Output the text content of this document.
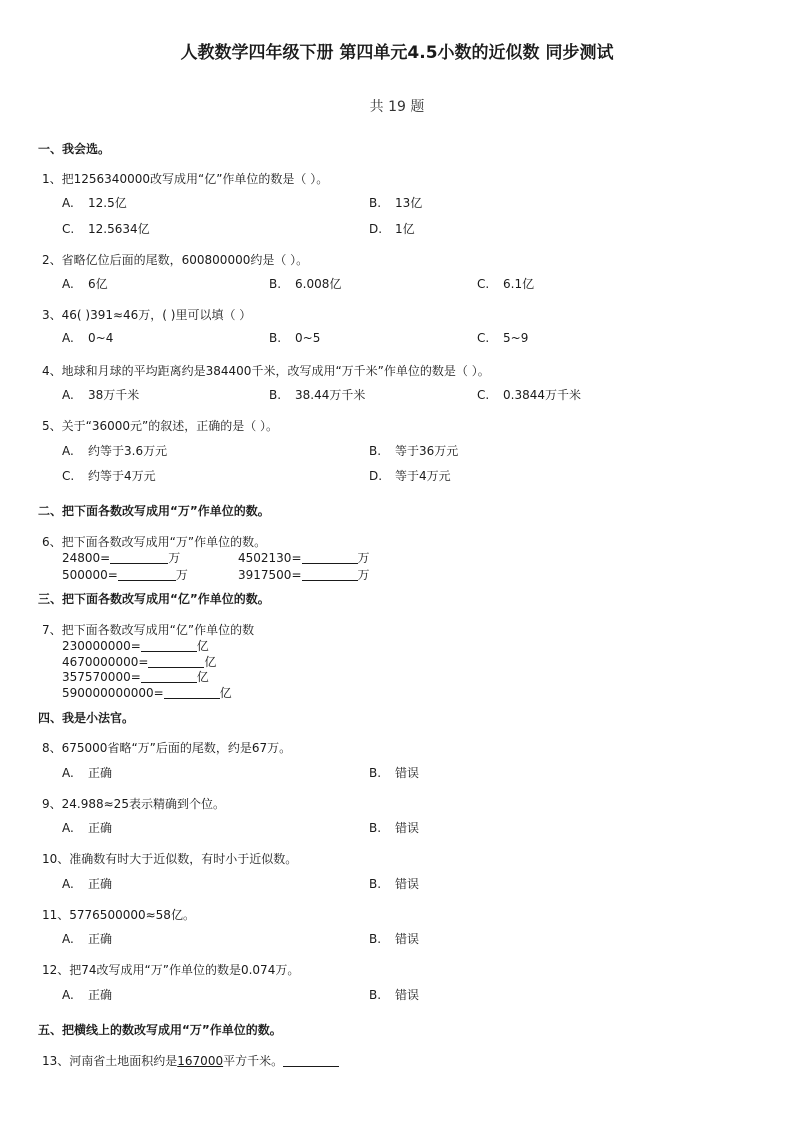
人教数学四年级下册 第四单元4.5小数的近似数 同步测试
共 19 题
一、我会选。
1、把1256340000改写成用“亿”作单位的数是（ ）。
A. 12.5亿	B. 13亿
C. 12.5634亿	D. 1亿
2、省略亿位后面的尾数，600800000约是（ ）。
A. 6亿	B. 6.008亿	C. 6.1亿
3、46( )391≈46万，( )里可以填（ ）
A. 0~4	B. 0~5	C. 5~9
4、地球和月球的平均距离约是384400千米，改写成用“万千米”作单位的数是（ ）。
A. 38万千米	B. 38.44万千米	C. 0.3844万千米
5、关于“36000元”的叙述，正确的是（ ）。
A. 约等于3.6万元	B. 等于36万元
C. 约等于4万元	D. 等于4万元
二、把下面各数改写成用“万”作单位的数。
6、把下面各数改写成用“万”作单位的数。
24800=	万	4502130=	万
500000=	万	3917500=	万
三、把下面各数改写成用“亿”作单位的数。
7、把下面各数改写成用“亿”作单位的数
230000000=	亿
4670000000=	亿
357570000=	亿
590000000000=	亿
四、我是小法官。
8、675000省略“万”后面的尾数，约是67万。
A. 正确	B. 错误
9、24.988≈25表示精确到个位。
A. 正确	B. 错误
10、准确数有时大于近似数，有时小于近似数。
A. 正确	B. 错误
11、5776500000≈58亿。
A. 正确	B. 错误
12、把74改写成用“万”作单位的数是0.074万。
A. 正确	B. 错误
五、把横线上的数改写成用“万”作单位的数。
13、河南省土地面积约是167000平方千米。
